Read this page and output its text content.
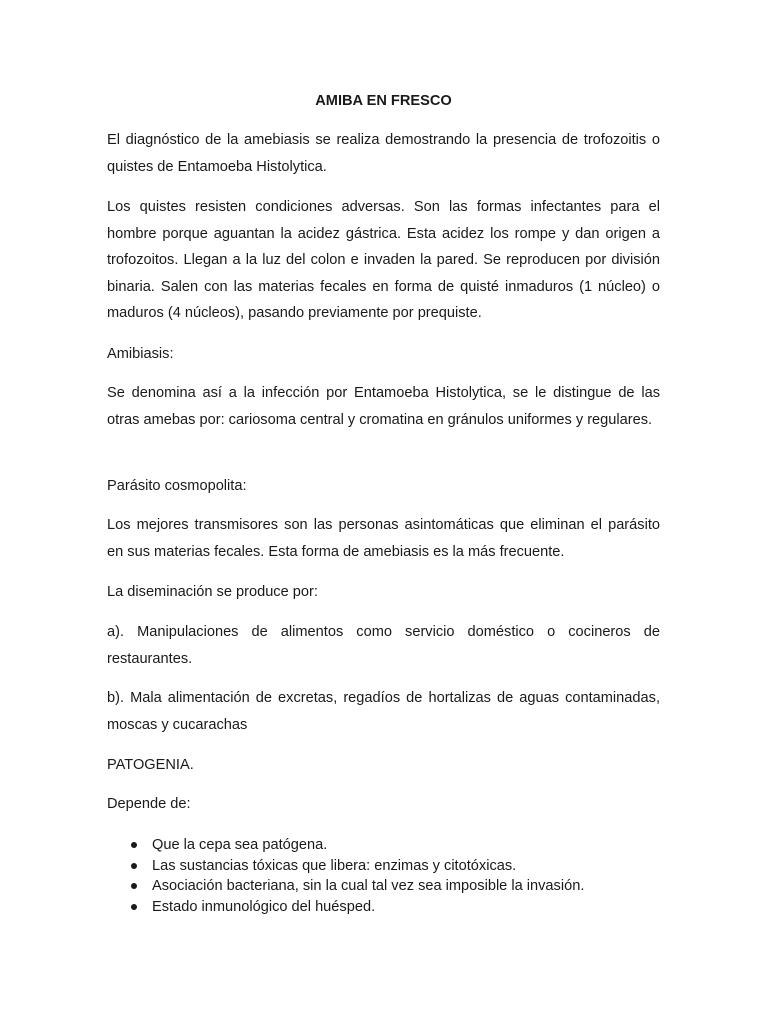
AMIBA EN FRESCO

El diagnóstico de la amebiasis se realiza demostrando la presencia de trofozoitis o quistes de Entamoeba Histolytica.

Los quistes resisten condiciones adversas. Son las formas infectantes para el hombre porque aguantan la acidez gástrica. Esta acidez los rompe y dan origen a trofozoitos. Llegan a la luz del colon e invaden la pared. Se reproducen por división binaria. Salen con las materias fecales en forma de quisté inmaduros (1 núcleo) o maduros (4 núcleos), pasando previamente por prequiste.

Amibiasis:

Se denomina así a la infección por Entamoeba Histolytica, se le distingue de las otras amebas por: cariosoma central y cromatina en gránulos uniformes y regulares.

Parásito cosmopolita:

Los mejores transmisores son las personas asintomáticas que eliminan el parásito en sus materias fecales. Esta forma de amebiasis es la más frecuente.

La diseminación se produce por:

a). Manipulaciones de alimentos como servicio doméstico o cocineros de restaurantes.

b). Mala alimentación de excretas, regadíos de hortalizas de aguas contaminadas, moscas y cucarachas

PATOGENIA.

Depende de:

Que la cepa sea patógena.
Las sustancias tóxicas que libera: enzimas y citotóxicas.
Asociación bacteriana, sin la cual tal vez sea imposible la invasión.
Estado inmunológico del huésped.
